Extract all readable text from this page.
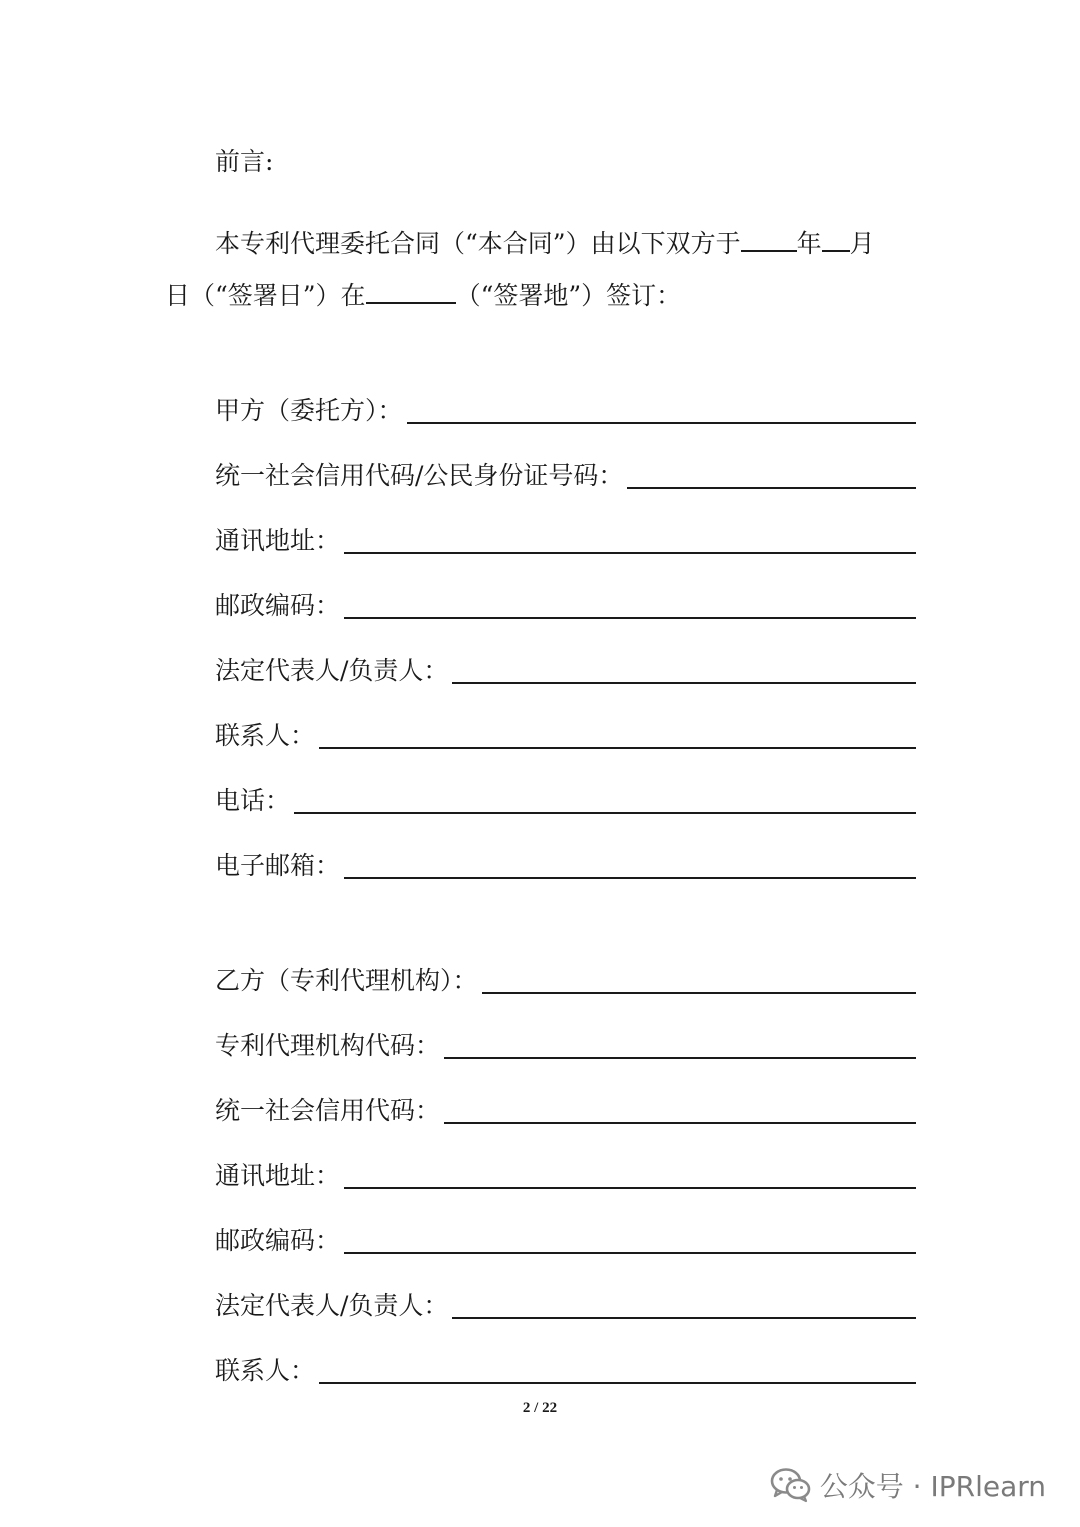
前言:
本专利代理委托合同（“本合同”）由以下双方于 年 月
日（“签署日”）在	（“签署地”）签订：
甲方（委托方）：
统一社会信用代码/公民身份证号码：
通讯地址：
邮政编码：
法定代表人/负责人：
联系人：
电话：
电子邮箱：
乙方（专利代理机构）：
专利代理机构代码：
统一社会信用代码：
通讯地址：
邮政编码：
法定代表人/负责人：
联系人：
2 / 22
公众号 · IPRlearn
